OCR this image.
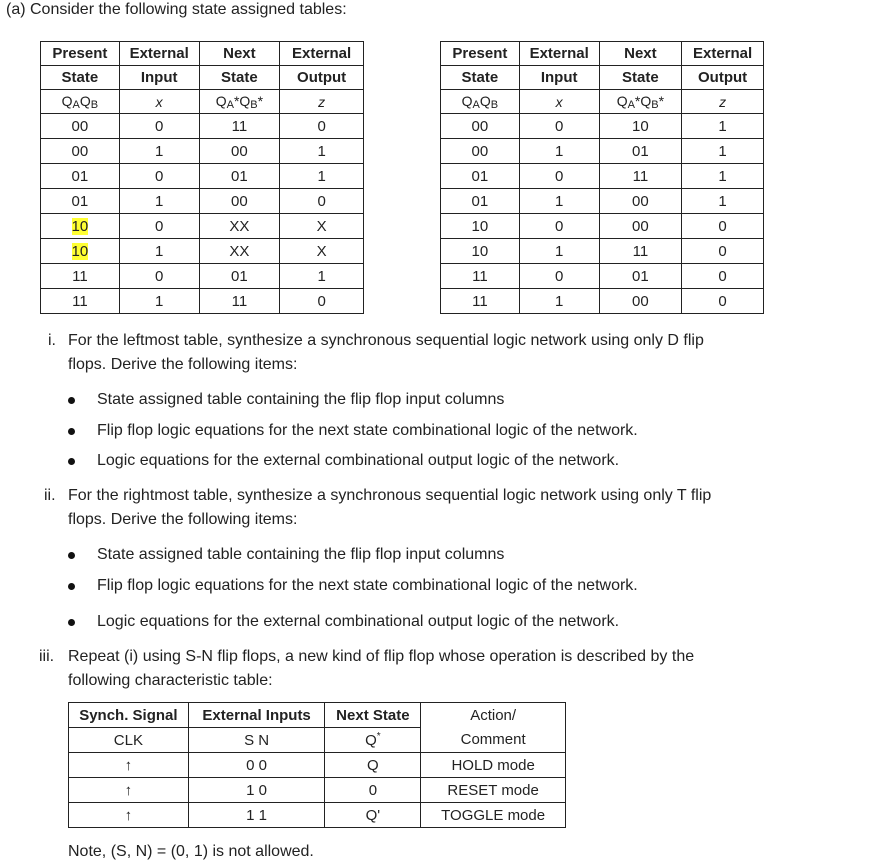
(a) Consider the following state assigned tables:
Present	External	Next	External
State	Input	State	Output
QAQB	x	QA*QB*	z
00	0	11	0
00	1	00	1
01	0	01	1
01	1	00	0
10	0	XX	X
10	1	XX	X
11	0	01	1
11	1	11	0
Present	External	Next	External
State	Input	State	Output
QAQB	x	QA*QB*	z
00	0	10	1
00	1	01	1
01	0	11	1
01	1	00	1
10	0	00	0
10	1	11	0
11	0	01	0
11	1	00	0
i. For the leftmost table, synthesize a synchronous sequential logic network using only D flip
flops. Derive the following items:
State assigned table containing the flip flop input columns
Flip flop logic equations for the next state combinational logic of the network.
Logic equations for the external combinational output logic of the network.
ii. For the rightmost table, synthesize a synchronous sequential logic network using only T flip
flops. Derive the following items:
State assigned table containing the flip flop input columns
Flip flop logic equations for the next state combinational logic of the network.
Logic equations for the external combinational output logic of the network.
iii. Repeat (i) using S-N flip flops, a new kind of flip flop whose operation is described by the
following characteristic table:
Synch. Signal	External Inputs	Next State	Action/
CLK	S N	Q*	Comment
↑	0 0	Q	HOLD mode
↑	1 0	0	RESET mode
↑	1 1	Q'	TOGGLE mode
Note, (S, N) = (0, 1) is not allowed.
